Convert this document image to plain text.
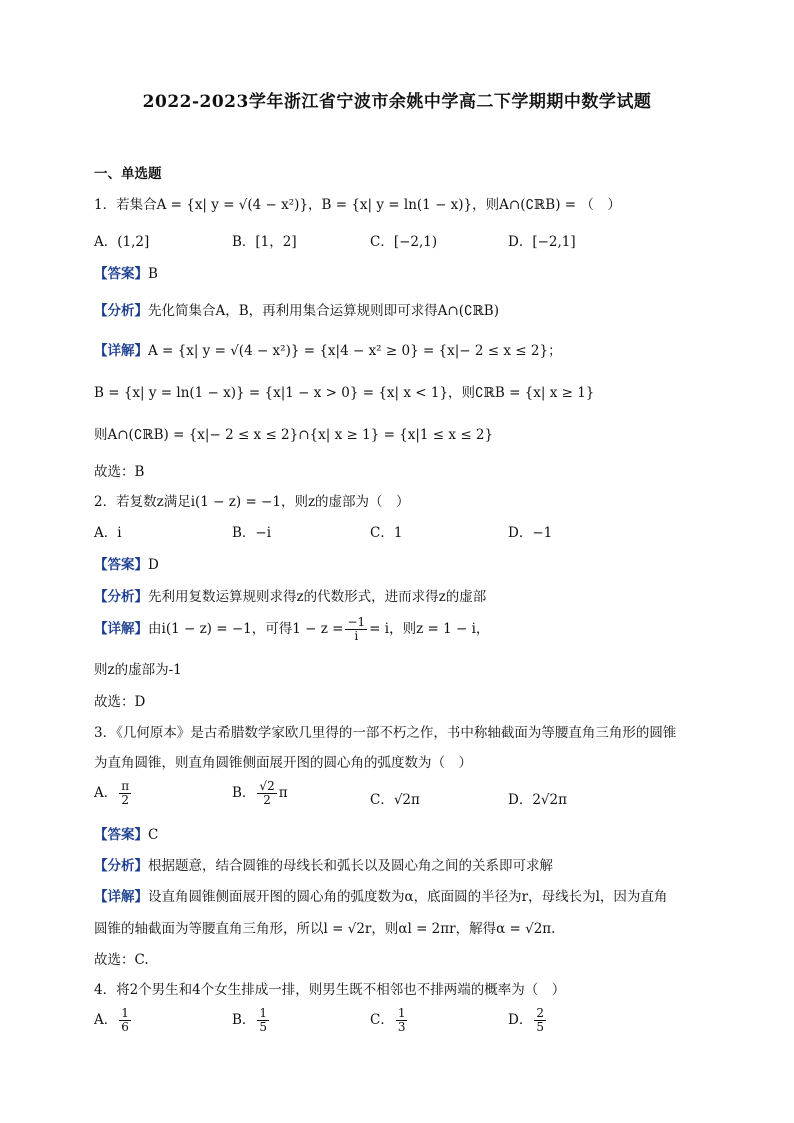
2022-2023学年浙江省宁波市余姚中学高二下学期期中数学试题
一、单选题
1．若集合A = {x| y = √(4 − x²)}，B = {x| y = ln(1 − x)}，则A∩(∁ℝB) = （　）
A．(1,2]	B．[1，2]	C．[−2,1)	D．[−2,1]
【答案】B
【分析】先化简集合A，B，再利用集合运算规则即可求得A∩(∁ℝB)
【详解】A = {x| y = √(4 − x²)} = {x|4 − x² ≥ 0} = {x|− 2 ≤ x ≤ 2}；
B = {x| y = ln(1 − x)} = {x|1 − x > 0} = {x| x < 1}，则∁ℝB = {x| x ≥ 1}
则A∩(∁ℝB) = {x|− 2 ≤ x ≤ 2}∩{x| x ≥ 1} = {x|1 ≤ x ≤ 2}
故选：B
2．若复数z满足i(1 − z) = −1，则z的虚部为（　）
A．i	B．−i	C．1	D．−1
【答案】D
【分析】先利用复数运算规则求得z的代数形式，进而求得z的虚部
【详解】由i(1 − z) = −1，可得$1 - z = \frac{-1}{i} = i$，则z = 1 − i，
则z的虚部为-1
故选：D
3．《几何原本》是古希腊数学家欧几里得的一部不朽之作，书中称轴截面为等腰直角三角形的圆锥
为直角圆锥，则直角圆锥侧面展开图的圆心角的弧度数为（　）
A． $\frac{\pi}{2}$	B． $\frac{√2}{2}$ π	C．√2π	D．2√2π
【答案】C
【分析】根据题意，结合圆锥的母线长和弧长以及圆心角之间的关系即可求解
【详解】设直角圆锥侧面展开图的圆心角的弧度数为α，底面圆的半径为r，母线长为l，因为直角
圆锥的轴截面为等腰直角三角形，所以l = √2r，则αl = 2πr，解得α = √2π.
故选：C.
4．将2个男生和4个女生排成一排，则男生既不相邻也不排两端的概率为（　）
A． $\frac{1}{6}$	B． $\frac{1}{5}$	C． $\frac{1}{3}$	D． $\frac{2}{5}$
